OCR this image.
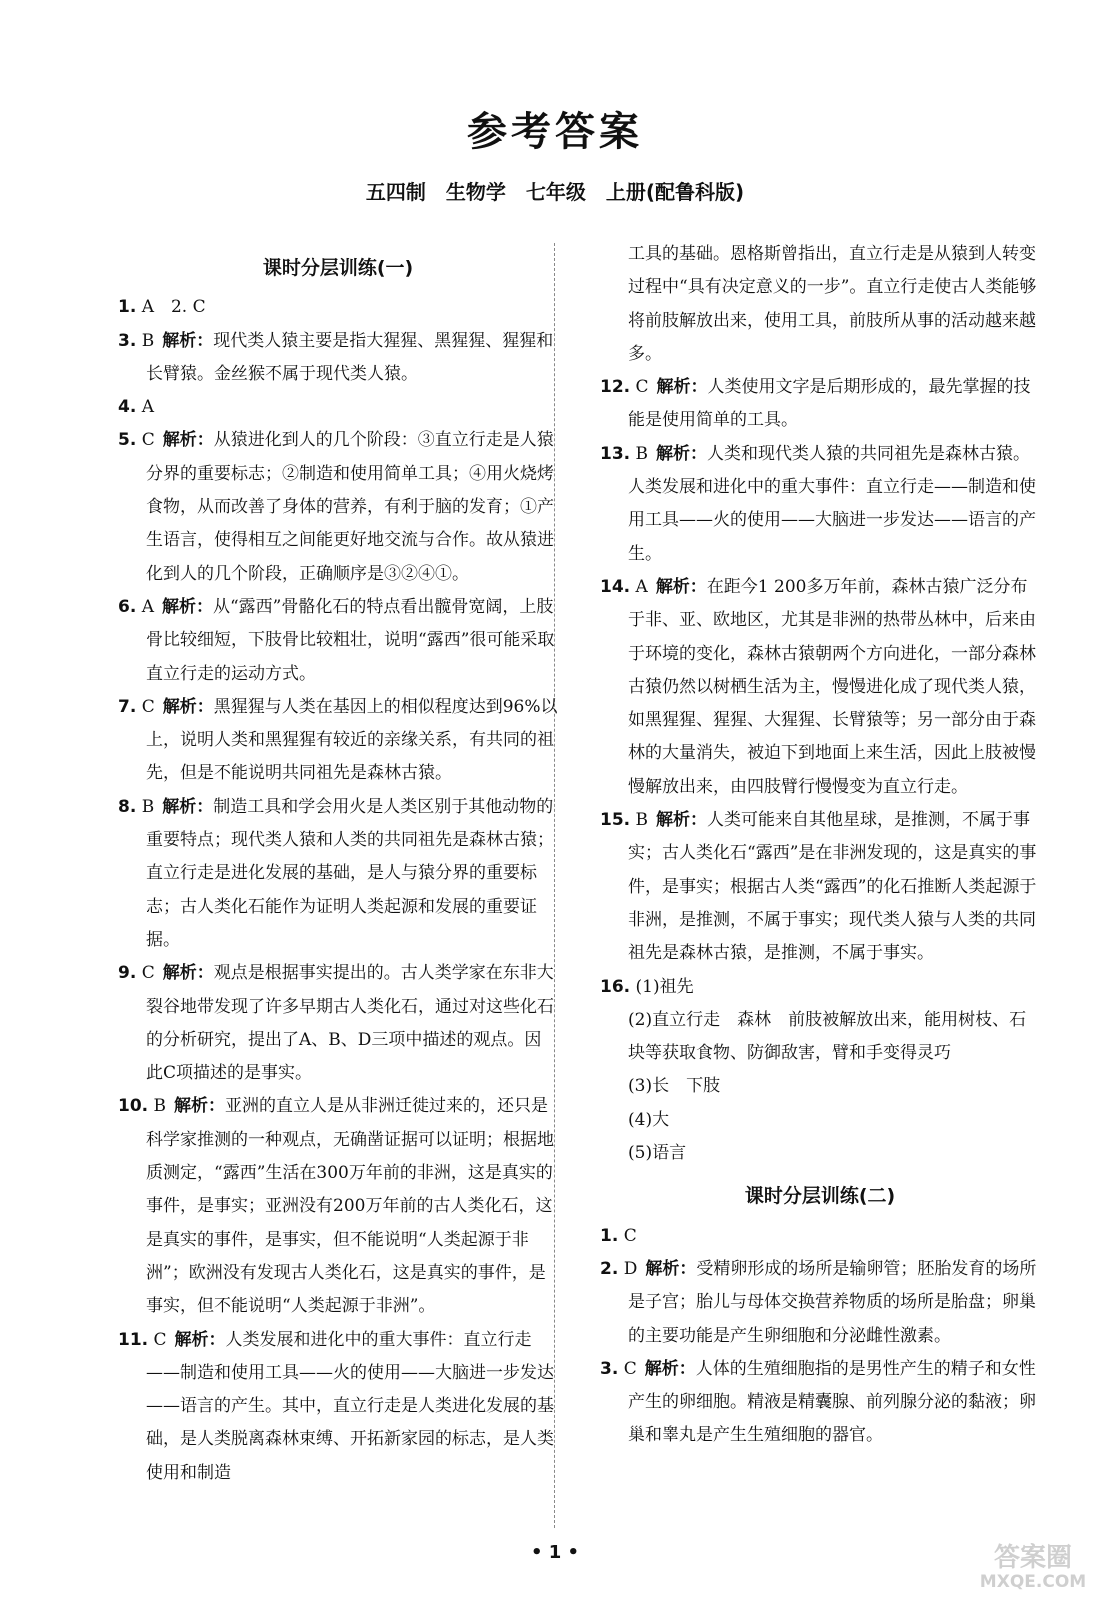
参考答案
五四制　生物学　七年级　上册(配鲁科版)
课时分层训练(一)
1. A　2. C
3. B 解析：现代类人猿主要是指大猩猩、黑猩猩、猩猩和长臂猿。金丝猴不属于现代类人猿。
4. A
5. C 解析：从猿进化到人的几个阶段：③直立行走是人猿分界的重要标志；②制造和使用简单工具；④用火烧烤食物，从而改善了身体的营养，有利于脑的发育；①产生语言，使得相互之间能更好地交流与合作。故从猿进化到人的几个阶段，正确顺序是③②④①。
6. A 解析：从“露西”骨骼化石的特点看出髋骨宽阔，上肢骨比较细短，下肢骨比较粗壮，说明“露西”很可能采取直立行走的运动方式。
7. C 解析：黑猩猩与人类在基因上的相似程度达到96%以上，说明人类和黑猩猩有较近的亲缘关系，有共同的祖先，但是不能说明共同祖先是森林古猿。
8. B 解析：制造工具和学会用火是人类区别于其他动物的重要特点；现代类人猿和人类的共同祖先是森林古猿；直立行走是进化发展的基础，是人与猿分界的重要标志；古人类化石能作为证明人类起源和发展的重要证据。
9. C 解析：观点是根据事实提出的。古人类学家在东非大裂谷地带发现了许多早期古人类化石，通过对这些化石的分析研究，提出了A、B、D三项中描述的观点。因此C项描述的是事实。
10. B 解析：亚洲的直立人是从非洲迁徙过来的，还只是科学家推测的一种观点，无确凿证据可以证明；根据地质测定，“露西”生活在300万年前的非洲，这是真实的事件，是事实；亚洲没有200万年前的古人类化石，这是真实的事件，是事实，但不能说明“人类起源于非洲”；欧洲没有发现古人类化石，这是真实的事件，是事实，但不能说明“人类起源于非洲”。
11. C 解析：人类发展和进化中的重大事件：直立行走——制造和使用工具——火的使用——大脑进一步发达——语言的产生。其中，直立行走是人类进化发展的基础，是人类脱离森林束缚、开拓新家园的标志，是人类使用和制造
工具的基础。恩格斯曾指出，直立行走是从猿到人转变过程中“具有决定意义的一步”。直立行走使古人类能够将前肢解放出来，使用工具，前肢所从事的活动越来越多。
12. C 解析：人类使用文字是后期形成的，最先掌握的技能是使用简单的工具。
13. B 解析：人类和现代类人猿的共同祖先是森林古猿。人类发展和进化中的重大事件：直立行走——制造和使用工具——火的使用——大脑进一步发达——语言的产生。
14. A 解析：在距今1 200多万年前，森林古猿广泛分布于非、亚、欧地区，尤其是非洲的热带丛林中，后来由于环境的变化，森林古猿朝两个方向进化，一部分森林古猿仍然以树栖生活为主，慢慢进化成了现代类人猿，如黑猩猩、猩猩、大猩猩、长臂猿等；另一部分由于森林的大量消失，被迫下到地面上来生活，因此上肢被慢慢解放出来，由四肢臂行慢慢变为直立行走。
15. B 解析：人类可能来自其他星球，是推测，不属于事实；古人类化石“露西”是在非洲发现的，这是真实的事件，是事实；根据古人类“露西”的化石推断人类起源于非洲，是推测，不属于事实；现代类人猿与人类的共同祖先是森林古猿，是推测，不属于事实。
16. (1)祖先
(2)直立行走　森林　前肢被解放出来，能用树枝、石块等获取食物、防御敌害，臂和手变得灵巧
(3)长　下肢
(4)大
(5)语言
课时分层训练(二)
1. C
2. D 解析：受精卵形成的场所是输卵管；胚胎发育的场所是子宫；胎儿与母体交换营养物质的场所是胎盘；卵巢的主要功能是产生卵细胞和分泌雌性激素。
3. C 解析：人体的生殖细胞指的是男性产生的精子和女性产生的卵细胞。精液是精囊腺、前列腺分泌的黏液；卵巢和睾丸是产生生殖细胞的器官。
• 1 •	答案圈
MXQE.COM
